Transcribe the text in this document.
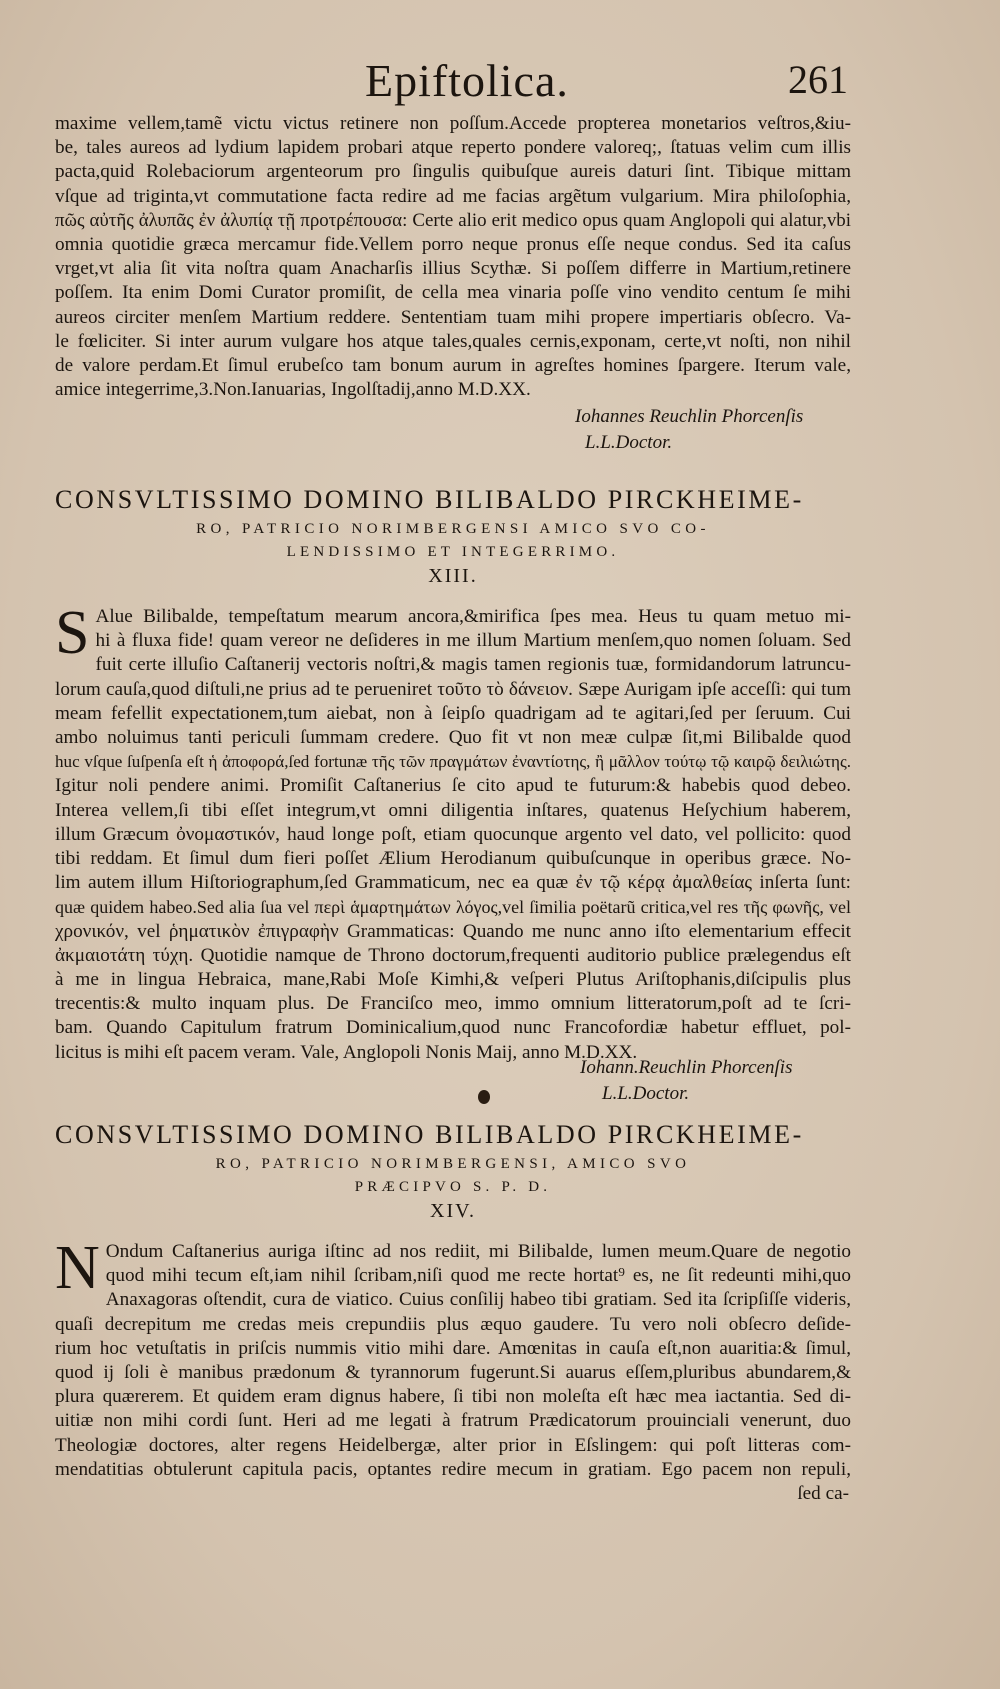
Epiftolica.	261
maxime vellem,tamẽ victu victus retinere non poſſum.Accede propterea monetarios veſtros,&iu-
be, tales aureos ad lydium lapidem probari atque reperto pondere valoreq;, ſtatuas velim cum illis
pacta,quid Rolebaciorum argenteorum pro ſingulis quibuſque aureis daturi ſint. Tibique mittam
vſque ad triginta,vt commutatione facta redire ad me facias argẽtum vulgarium. Mira philoſophia,
πῶς αὐτῆς ἀλυπᾶς ἐν ἀλυπίᾳ τῇ προτρέπουσα: Certe alio erit medico opus quam Anglopoli qui alatur,vbi
omnia quotidie græca mercamur fide.Vellem porro neque pronus eſſe neque condus. Sed ita caſus
vrget,vt alia ſit vita noſtra quam Anacharſis illius Scythæ. Si poſſem differre in Martium,retinere
poſſem. Ita enim Domi Curator promiſit, de cella mea vinaria poſſe vino vendito centum ſe mihi
aureos circiter menſem Martium reddere. Sententiam tuam mihi propere impertiaris obſecro. Va-
le fœliciter. Si inter aurum vulgare hos atque tales,quales cernis,exponam, certe,vt noſti, non nihil
de valore perdam.Et ſimul erubeſco tam bonum aurum in agreſtes homines ſpargere. Iterum vale,
amice integerrime,3.Non.Ianuarias, Ingolſtadij,anno M.D.XX.
Iohannes Reuchlin Phorcenſis
L.L.Doctor.
CONSVLTISSIMO DOMINO BILIBALDO PIRCKHEIME-
RO, PATRICIO NORIMBERGENSI AMICO SVO CO-
LENDISSIMO ET INTEGERRIMO.
XIII.
S Alue Bilibalde, tempeſtatum mearum ancora,&mirifica ſpes mea. Heus tu quam metuo mi-
hi à fluxa fide! quam vereor ne deſideres in me illum Martium menſem,quo nomen ſoluam. Sed
fuit certe illuſio Caſtanerij vectoris noſtri,& magis tamen regionis tuæ, formidandorum latruncu-
lorum cauſa,quod diſtuli,ne prius ad te perueniret τοῦτο τὸ δάνειον. Sæpe Aurigam ipſe acceſſi: qui tum
meam fefellit expectationem,tum aiebat, non à ſeipſo quadrigam ad te agitari,ſed per ſeruum. Cui
ambo noluimus tanti periculi ſummam credere. Quo fit vt non meæ culpæ ſit,mi Bilibalde quod
huc vſque ſuſpenſa eſt ἡ ἀποφορά,ſed fortunæ τῆς τῶν πραγμάτων ἐναντίοτης, ἢ μᾶλλον τούτῳ τῷ καιρῷ δειλιώτης.
Igitur noli pendere animi. Promiſit Caſtanerius ſe cito apud te futurum:& habebis quod debeo.
Interea vellem,ſi tibi eſſet integrum,vt omni diligentia inſtares, quatenus Heſychium haberem,
illum Græcum ὀνομαστικόν, haud longe poſt, etiam quocunque argento vel dato, vel pollicito: quod
tibi reddam. Et ſimul dum fieri poſſet Ælium Herodianum quibuſcunque in operibus græce. No-
lim autem illum Hiſtoriographum,ſed Grammaticum, nec ea quæ ἐν τῷ κέρᾳ ἀμαλθείας inſerta ſunt:
quæ quidem habeo.Sed alia ſua vel περὶ ἁμαρτημάτων λόγος,vel ſimilia poëtarũ critica,vel res τῆς φωνῆς, vel
χρονικόν, vel ῥηματικὸν ἐπιγραφὴν Grammaticas: Quando me nunc anno iſto elementarium effecit
ἀκμαιοτάτη τύχη. Quotidie namque de Throno doctorum,frequenti auditorio publice prælegendus eſt
à me in lingua Hebraica, mane,Rabi Moſe Kimhi,& veſperi Plutus Ariſtophanis,diſcipulis plus
trecentis:& multo inquam plus. De Franciſco meo, immo omnium litteratorum,poſt ad te ſcri-
bam. Quando Capitulum fratrum Dominicalium,quod nunc Francofordiæ habetur effluet, pol-
licitus is mihi eſt pacem veram. Vale, Anglopoli Nonis Maij, anno M.D.XX.
Iohann.Reuchlin Phorcenſis
L.L.Doctor.
CONSVLTISSIMO DOMINO BILIBALDO PIRCKHEIME-
RO, PATRICIO NORIMBERGENSI, AMICO SVO
PRÆCIPVO S. P. D.
XIV.
N Ondum Caſtanerius auriga iſtinc ad nos rediit, mi Bilibalde, lumen meum.Quare de negotio
quod mihi tecum eſt,iam nihil ſcribam,niſi quod me recte hortat⁹ es, ne ſit redeunti mihi,quo
Anaxagoras oſtendit, cura de viatico. Cuius conſilij habeo tibi gratiam. Sed ita ſcripſiſſe videris,
quaſi decrepitum me credas meis crepundiis plus æquo gaudere. Tu vero noli obſecro deſide-
rium hoc vetuſtatis in priſcis nummis vitio mihi dare. Amœnitas in cauſa eſt,non auaritia:& ſimul,
quod ij ſoli è manibus prædonum & tyrannorum fugerunt.Si auarus eſſem,pluribus abundarem,&
plura quærerem. Et quidem eram dignus habere, ſi tibi non moleſta eſt hæc mea iactantia. Sed di-
uitiæ non mihi cordi ſunt. Heri ad me legati à fratrum Prædicatorum prouinciali venerunt, duo
Theologiæ doctores, alter regens Heidelbergæ, alter prior in Eſslingem: qui poſt litteras com-
mendatitias obtulerunt capitula pacis, optantes redire mecum in gratiam. Ego pacem non repuli,
ſed ca-
